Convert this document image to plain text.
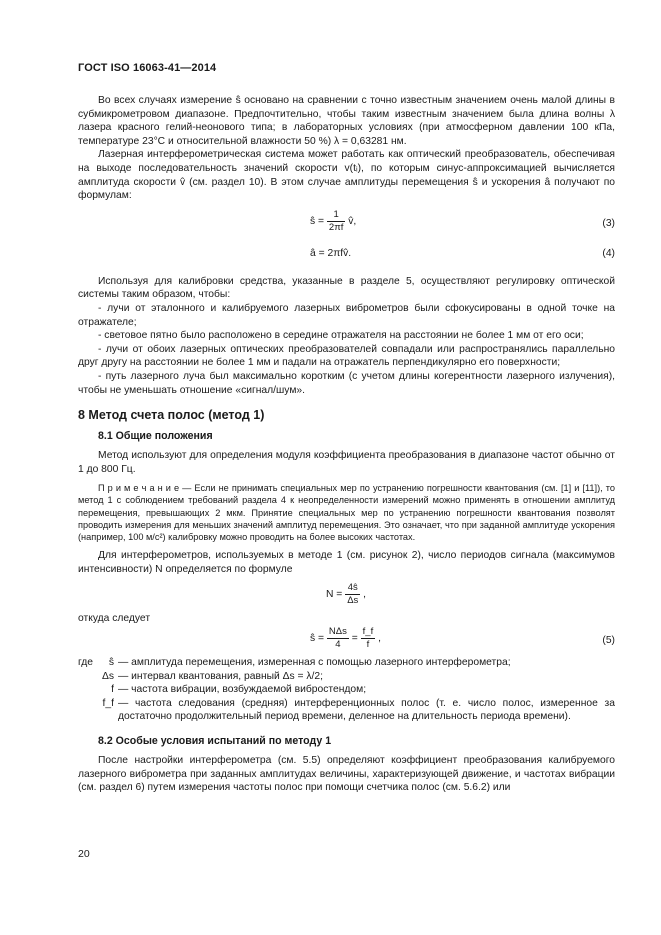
ГОСТ ISO 16063-41—2014

Во всех случаях измерение ŝ основано на сравнении с точно известным значением очень малой длины в субмикрометровом диапазоне. Предпочтительно, чтобы таким известным значением была длина волны λ лазера красного гелий-неонового типа; в лабораторных условиях (при атмосферном давлении 100 кПа, температуре 23°С и относительной влажности 50 %) λ = 0,63281 нм.

Лазерная интерферометрическая система может работать как оптический преобразователь, обеспечивая на выходе последовательность значений скорости v(tᵢ), по которым синус-аппроксимацией вычисляется амплитуда скорости v̂ (см. раздел 10). В этом случае амплитуды перемещения ŝ и ускорения â получают по формулам:

ŝ = $\frac{1}{2\pi f}$ v̂,	(3)
â = 2πfv̂.	(4)

Используя для калибровки средства, указанные в разделе 5, осуществляют регулировку оптической системы таким образом, чтобы:

- лучи от эталонного и калибруемого лазерных виброметров были сфокусированы в одной точке на отражателе;

- световое пятно было расположено в середине отражателя на расстоянии не более 1 мм от его оси;

- лучи от обоих лазерных оптических преобразователей совпадали или распространялись параллельно друг другу на расстоянии не более 1 мм и падали на отражатель перпендикулярно его поверхности;

- путь лазерного луча был максимально коротким (с учетом длины когерентности лазерного излучения), чтобы не уменьшать отношение «сигнал/шум».

8 Метод счета полос (метод 1)

8.1 Общие положения

Метод используют для определения модуля коэффициента преобразования в диапазоне частот обычно от 1 до 800 Гц.

П р и м е ч а н и е — Если не принимать специальных мер по устранению погрешности квантования (см. [1] и [11]), то метод 1 с соблюдением требований раздела 4 к неопределенности измерений можно применять в отношении амплитуд перемещения, превышающих 2 мкм. Принятие специальных мер по устранению погрешности квантования позволят проводить измерения для меньших значений амплитуд перемещения. Это означает, что при заданной амплитуде ускорения (например, 100 м/с²) калибровку можно проводить на более высоких частотах.

Для интерферометров, используемых в методе 1 (см. рисунок 2), число периодов сигнала (максимумов интенсивности) N определяется по формуле

$N = \frac{4ŝ}{\Delta s}$ ,

откуда следует

ŝ =
NΔs
4
= $\frac{f\_f}{f}$ ,	(5)
где	ŝ — амплитуда перемещения, измеренная с помощью лазерного интерферометра;
Δs — интервал квантования, равный Δs = λ/2;
f — частота вибрации, возбуждаемой вибростендом;
f_f — частота следования (средняя) интерференционных полос (т. е. число полос, измеренное за достаточно продолжительный период времени, деленное на длительность периода времени).

8.2 Особые условия испытаний по методу 1

После настройки интерферометра (см. 5.5) определяют коэффициент преобразования калибруемого лазерного виброметра при заданных амплитудах величины, характеризующей движение, и частотах вибрации (см. раздел 6) путем измерения частоты полос при помощи счетчика полос (см. 5.6.2) или

20
